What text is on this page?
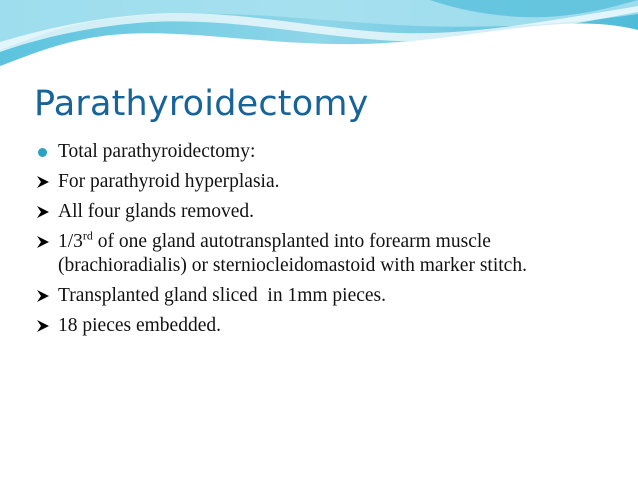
Parathyroidectomy
Total parathyroidectomy:
For parathyroid hyperplasia.
All four glands removed.
1/3rd of one gland autotransplanted into forearm muscle (brachioradialis) or sterniocleidomastoid with marker stitch.
Transplanted gland sliced  in 1mm pieces.
18 pieces embedded.
